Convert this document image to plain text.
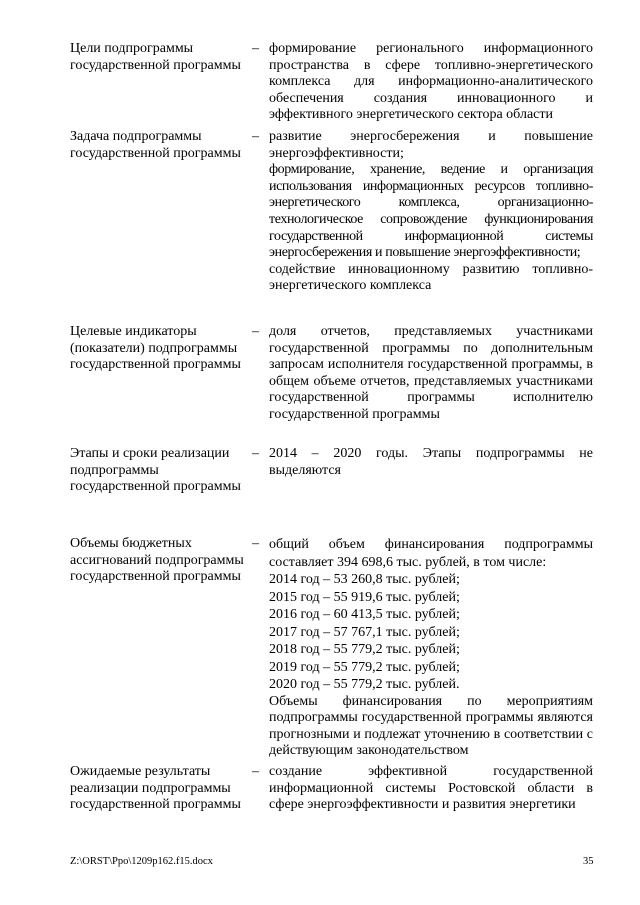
Цели подпрограммы государственной программы
– формирование регионального информационного пространства в сфере топливно-энергетического комплекса для информационно-аналитического обеспечения создания инновационного и эффективного энергетического сектора области

Задача подпрограммы государственной программы
– развитие энергосбережения и повышение энергоэффективности;

формирование, хранение, ведение и организация использования информационных ресурсов топливно-энергетического комплекса, организационно-технологическое сопровождение функционирования государственной информационной системы энергосбережения и повышение энергоэффективности;

содействие инновационному развитию топливно-энергетического комплекса

Целевые индикаторы (показатели) подпрограммы государственной программы
– доля отчетов, представляемых участниками государственной программы по дополнительным запросам исполнителя государственной программы, в общем объеме отчетов, представляемых участниками государственной программы исполнителю государственной программы

Этапы и сроки реализации подпрограммы государственной программы
– 2014 – 2020 годы. Этапы подпрограммы не выделяются

Объемы бюджетных ассигнований подпрограммы государственной программы
– общий объем финансирования подпрограммы составляет 394 698,6 тыс. рублей, в том числе:

2014 год – 53 260,8 тыс. рублей;

2015 год – 55 919,6 тыс. рублей;

2016 год – 60 413,5 тыс. рублей;

2017 год – 57 767,1 тыс. рублей;

2018 год – 55 779,2 тыс. рублей;

2019 год – 55 779,2 тыс. рублей;

2020 год – 55 779,2 тыс. рублей.

Объемы финансирования по мероприятиям подпрограммы государственной программы являются прогнозными и подлежат уточнению в соответствии с действующим законодательством

Ожидаемые результаты реализации подпрограммы государственной программы
– создание эффективной государственной информационной системы Ростовской области в сфере энергоэффективности и развития энергетики

Z:\ORST\Ppo\1209p162.f15.docx	35
